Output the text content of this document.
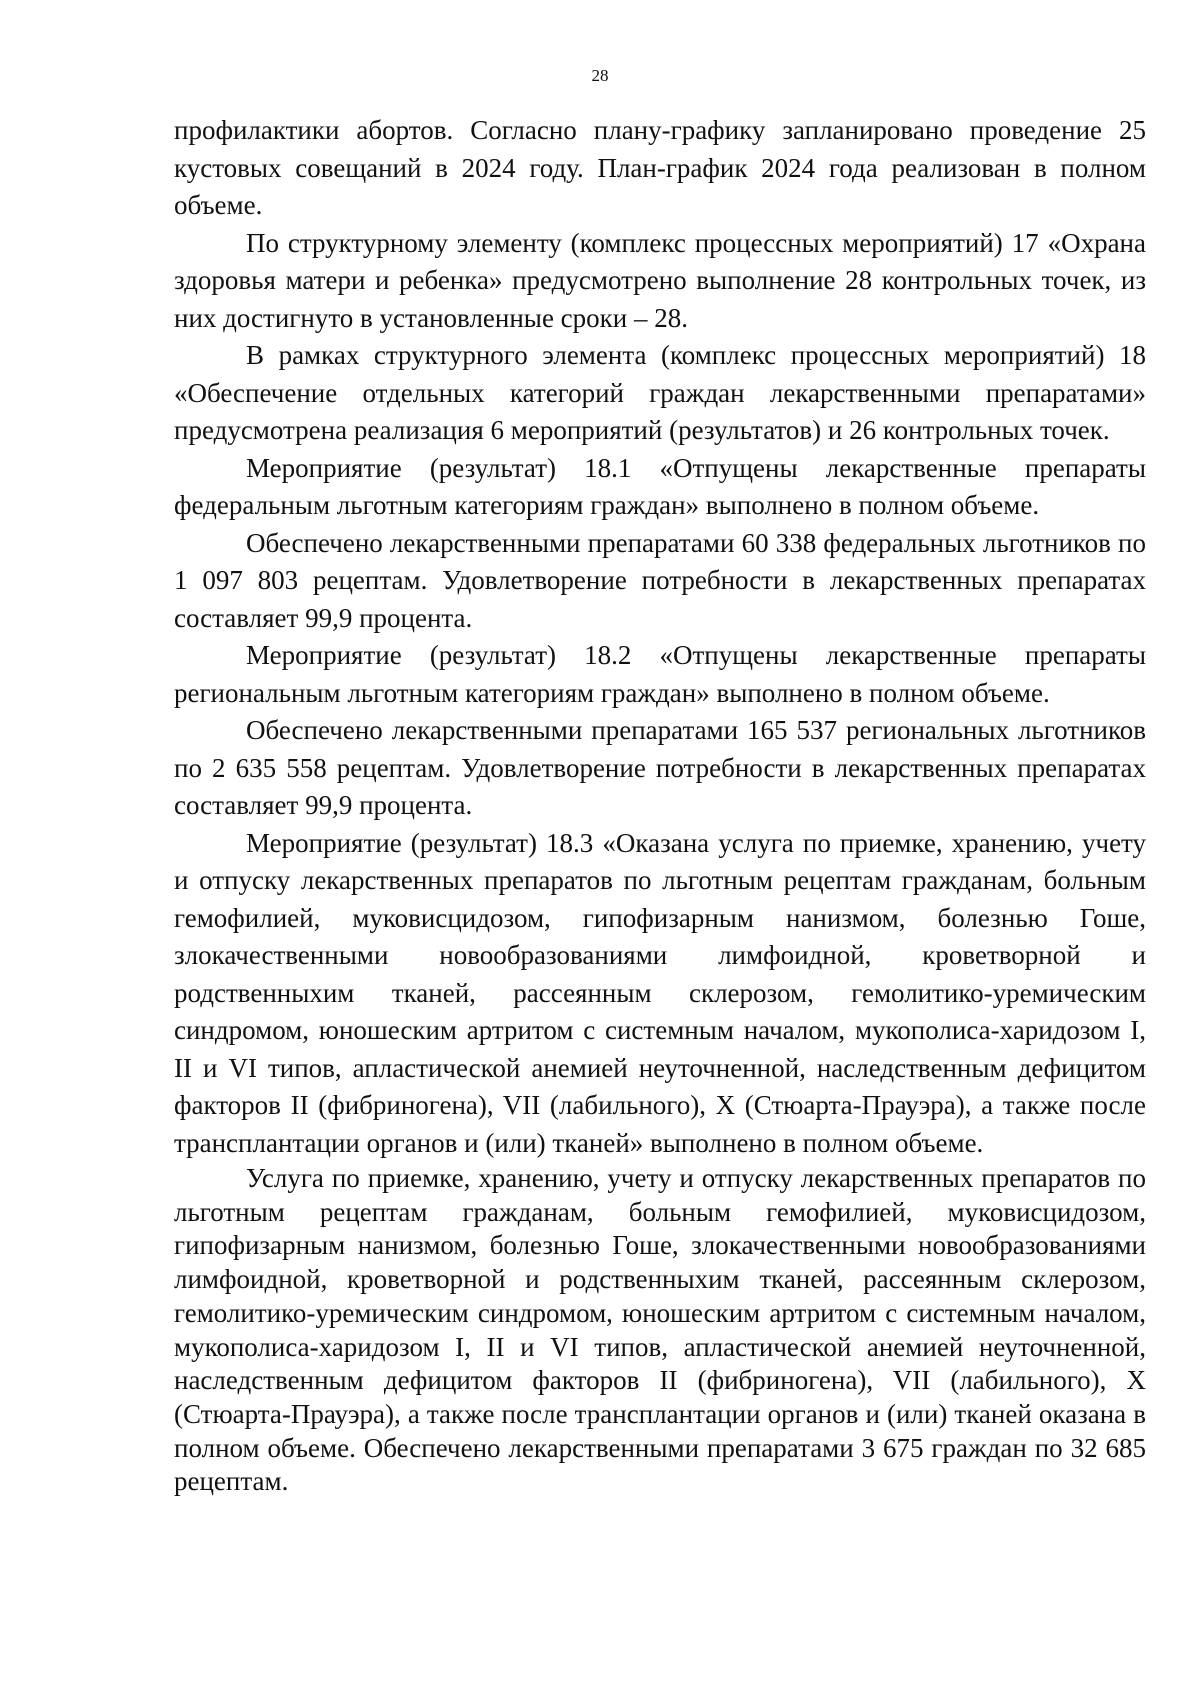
28

профилактики абортов. Согласно плану-графику запланировано проведение 25 кустовых совещаний в 2024 году. План-график 2024 года реализован в полном объеме.

По структурному элементу (комплекс процессных мероприятий) 17 «Охрана здоровья матери и ребенка» предусмотрено выполнение 28 контрольных точек, из них достигнуто в установленные сроки – 28.

В рамках структурного элемента (комплекс процессных мероприятий) 18 «Обеспечение отдельных категорий граждан лекарственными препаратами» предусмотрена реализация 6 мероприятий (результатов) и 26 контрольных точек.

Мероприятие (результат) 18.1 «Отпущены лекарственные препараты федеральным льготным категориям граждан» выполнено в полном объеме.

Обеспечено лекарственными препаратами 60 338 федеральных льготников по 1 097 803 рецептам. Удовлетворение потребности в лекарственных препаратах составляет 99,9 процента.

Мероприятие (результат) 18.2 «Отпущены лекарственные препараты региональным льготным категориям граждан» выполнено в полном объеме.

Обеспечено лекарственными препаратами 165 537 региональных льготников по 2 635 558 рецептам. Удовлетворение потребности в лекарственных препаратах составляет 99,9 процента.

Мероприятие (результат) 18.3 «Оказана услуга по приемке, хранению, учету и отпуску лекарственных препаратов по льготным рецептам гражданам, больным гемофилией, муковисцидозом, гипофизарным нанизмом, болезнью Гоше, злокачественными новообразованиями лимфоидной, кроветворной и родственныхим тканей, рассеянным склерозом, гемолитико-уремическим синдромом, юношеским артритом с системным началом, мукополиса-харидозом I, II и VI типов, апластической анемией неуточненной, наследственным дефицитом факторов II (фибриногена), VII (лабильного), X (Стюарта-Прауэра), а также после трансплантации органов и (или) тканей» выполнено в полном объеме.

Услуга по приемке, хранению, учету и отпуску лекарственных препаратов по льготным рецептам гражданам, больным гемофилией, муковисцидозом, гипофизарным нанизмом, болезнью Гоше, злокачественными новообразованиями лимфоидной, кроветворной и родственныхим тканей, рассеянным склерозом, гемолитико-уремическим синдромом, юношеским артритом с системным началом, мукополиса-харидозом I, II и VI типов, апластической анемией неуточненной, наследственным дефицитом факторов II (фибриногена), VII (лабильного), X (Стюарта-Прауэра), а также после трансплантации органов и (или) тканей оказана в полном объеме. Обеспечено лекарственными препаратами 3 675 граждан по 32 685 рецептам.
